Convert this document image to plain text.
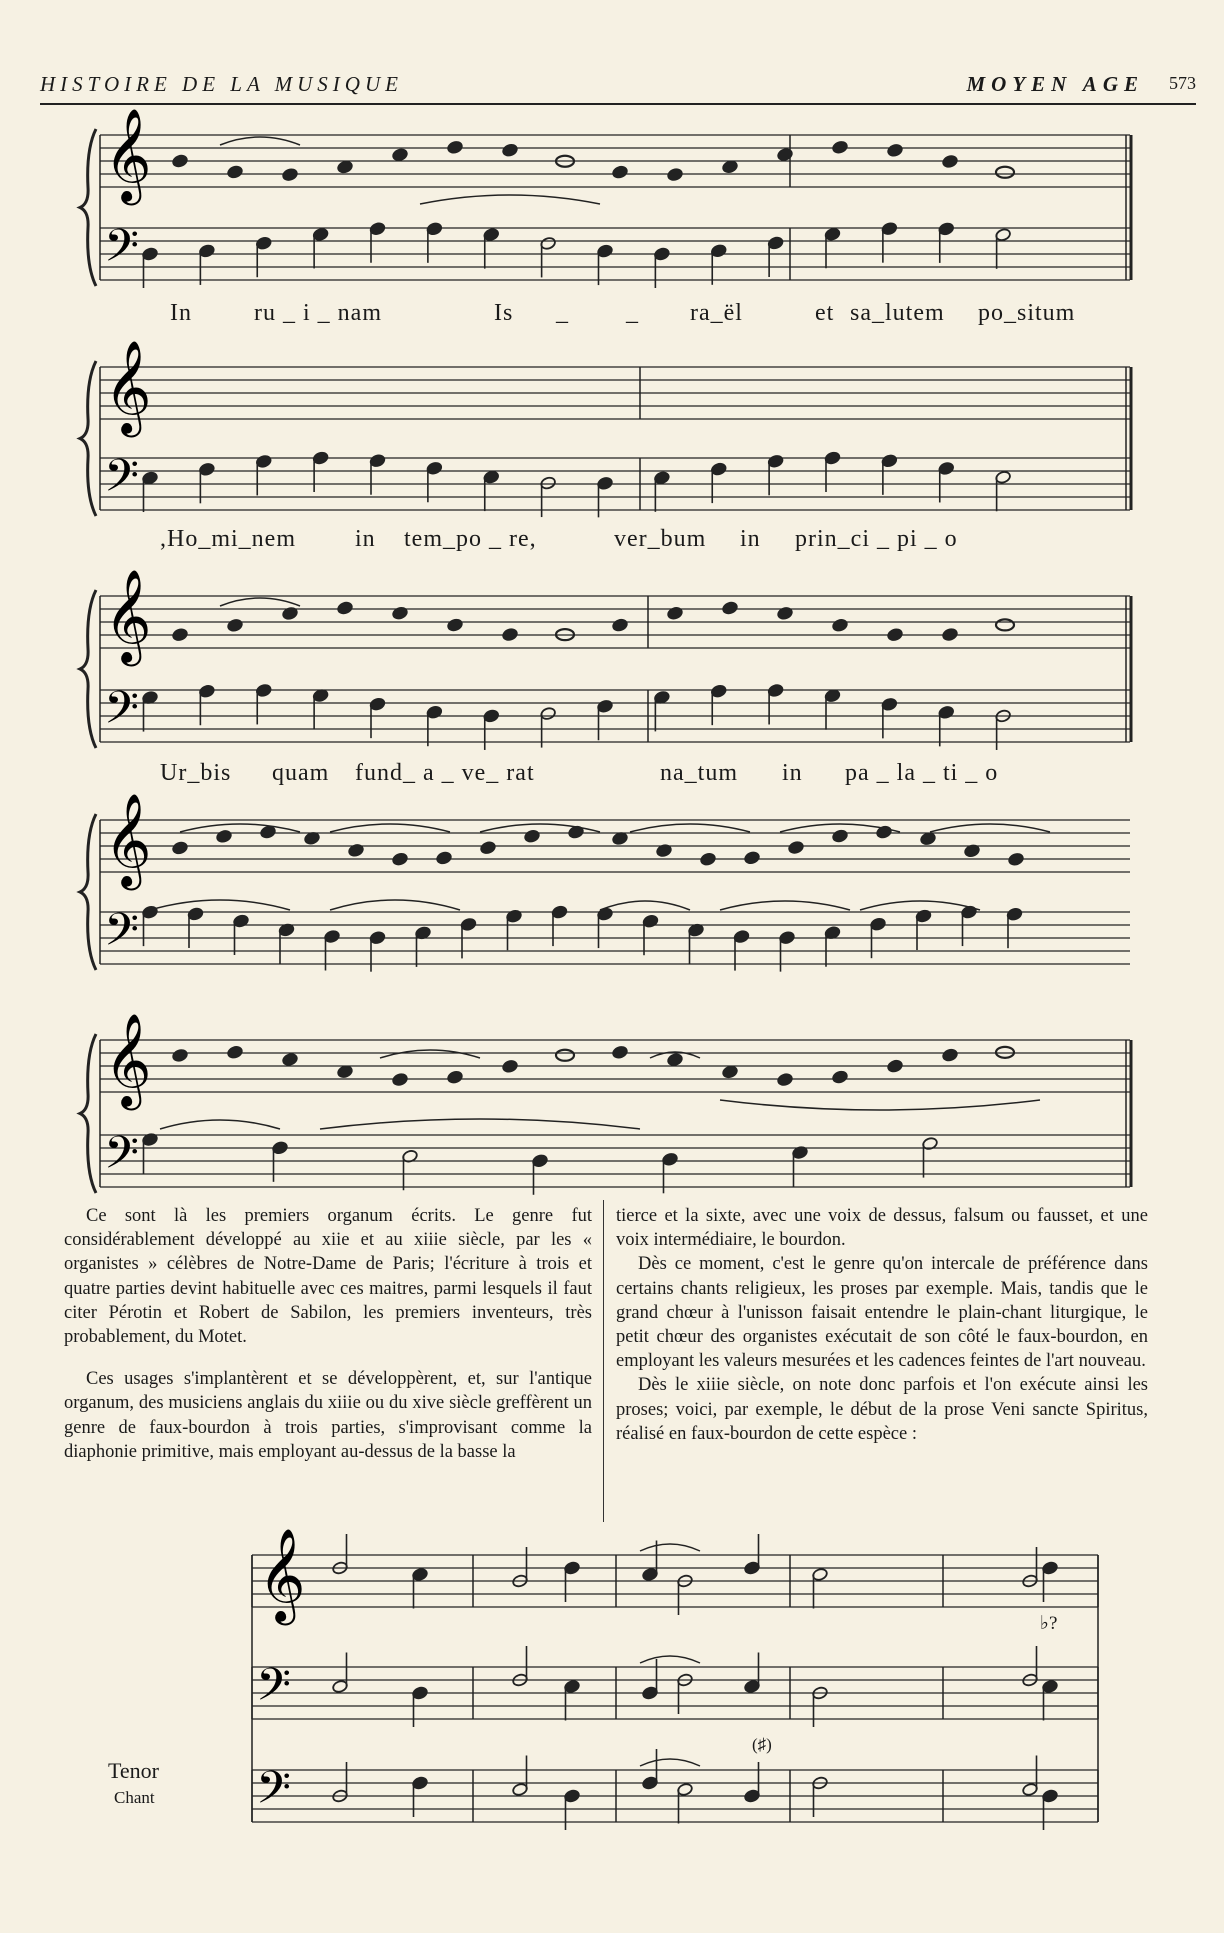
HISTOIRE DE LA MUSIQUE	MOYEN AGE 573
𝄞
𝄢
𝄞
𝄢
𝄞
𝄢
𝄞
𝄢
𝄞
𝄢
𝄞
𝄢
𝄢
In	ru _ i _ nam	Is _ _ ra_ël	et sa_lutem po_situm
,Ho_mi_nem in tem_po _ re,	ver_bum in prin_ci _ pi _ o
Ur_bis quam fund_ a _ ve_ rat	na_tum in pa _ la _ ti _ o

Ce sont là les premiers organum écrits. Le genre fut considérablement développé au xiie et au xiiie siècle, par les « organistes » célèbres de Notre-Dame de Paris; l'écriture à trois et quatre parties devint habituelle avec ces maitres, parmi lesquels il faut citer Pérotin et Robert de Sabilon, les premiers inventeurs, très probablement, du Motet.

Ces usages s'implantèrent et se développèrent, et, sur l'antique organum, des musiciens anglais du xiiie ou du xive siècle greffèrent un genre de faux-bourdon à trois parties, s'improvisant comme la diaphonie primitive, mais employant au-dessus de la basse la

tierce et la sixte, avec une voix de dessus, falsum ou fausset, et une voix intermédiaire, le bourdon.

Dès ce moment, c'est le genre qu'on intercale de préférence dans certains chants religieux, les proses par exemple. Mais, tandis que le grand chœur à l'unisson faisait entendre le plain-chant liturgique, le petit chœur des organistes exécutait de son côté le faux-bourdon, en employant les valeurs mesurées et les cadences feintes de l'art nouveau.

Dès le xiiie siècle, on note donc parfois et l'on exécute ainsi les proses; voici, par exemple, le début de la prose Veni sancte Spiritus, réalisé en faux-bourdon de cette espèce :

Tenor
Chant
♭?
(♯)
